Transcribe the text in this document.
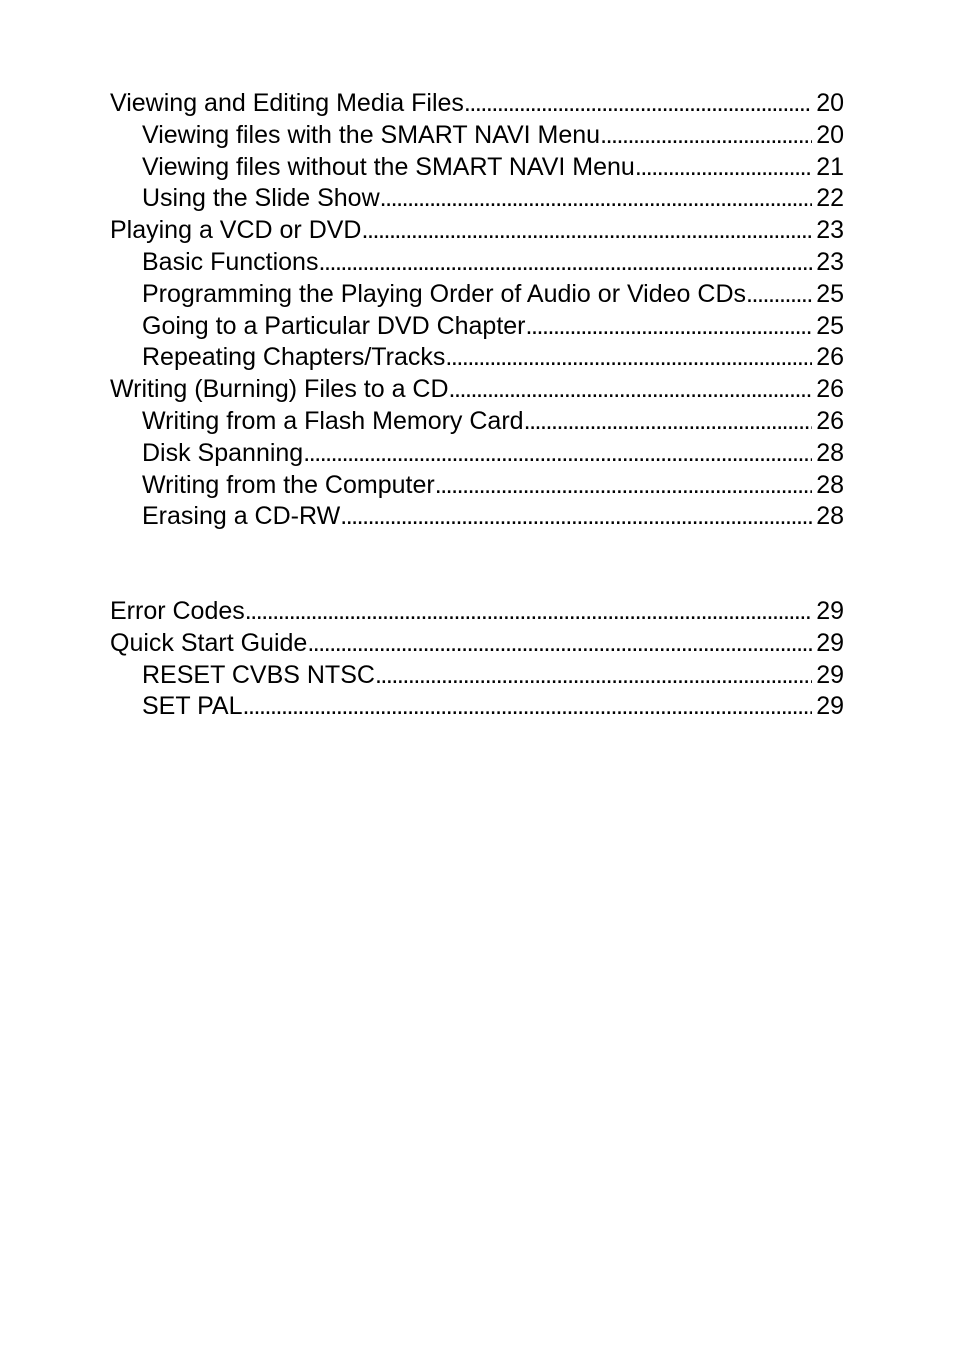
Viewing and Editing Media Files . . .	20
Viewing files with the SMART NAVI Menu . . .	20
Viewing files without the SMART NAVI Menu . . .	21
Using the Slide Show . . .	22
Playing a VCD or DVD . . .	23
Basic Functions . . .	23
Programming the Playing Order of Audio or Video CDs . . .	25
Going to a Particular DVD Chapter . . .	25
Repeating Chapters/Tracks . . .	26
Writing (Burning) Files to a CD . . .	26
Writing from a Flash Memory Card . . .	26
Disk Spanning . . .	28
Writing from the Computer . . .	28
Erasing a CD-RW . . .	28
Error Codes . . .	29
Quick Start Guide . . .	29
RESET CVBS NTSC . . .	29
SET PAL . . .	29
